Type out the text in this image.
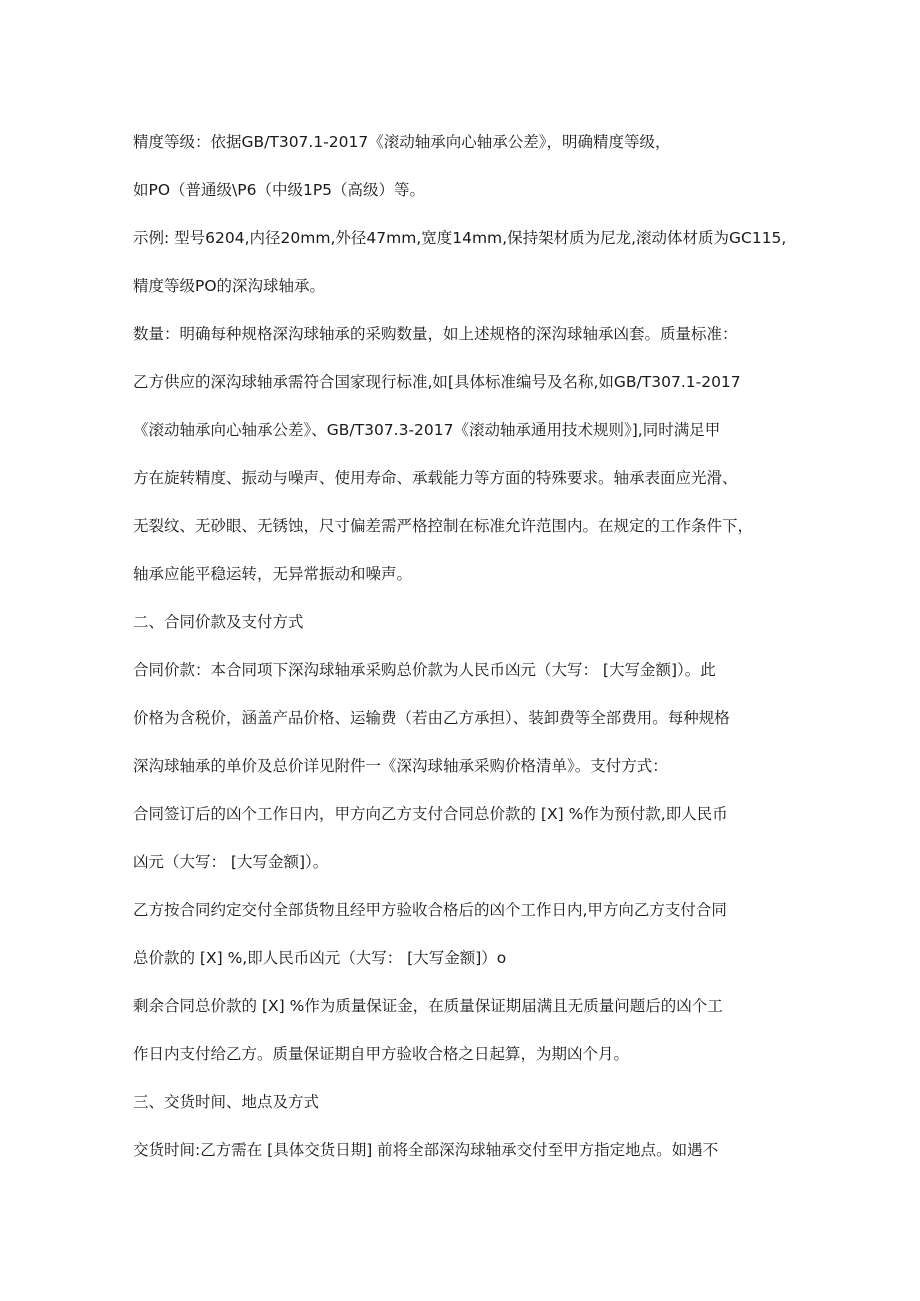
精度等级：依据GB/T307.1-2017《滚动轴承向心轴承公差》，明确精度等级，
如PO（普通级\P6（中级1P5（高级）等。
示例: 型号6204,内径20mm,外径47mm,宽度14mm,保持架材质为尼龙,滚动体材质为GC115,
精度等级PO的深沟球轴承。
数量：明确每种规格深沟球轴承的采购数量，如上述规格的深沟球轴承凶套。质量标准：
乙方供应的深沟球轴承需符合国家现行标准,如[具体标准编号及名称,如GB/T307.1-2017
《滚动轴承向心轴承公差》、GB/T307.3-2017《滚动轴承通用技术规则》],同时满足甲
方在旋转精度、振动与噪声、使用寿命、承载能力等方面的特殊要求。轴承表面应光滑、
无裂纹、无砂眼、无锈蚀，尺寸偏差需严格控制在标准允许范围内。在规定的工作条件下，
轴承应能平稳运转，无异常振动和噪声。
二、合同价款及支付方式
合同价款：本合同项下深沟球轴承采购总价款为人民币凶元（大写： [大写金额]）。此
价格为含税价，涵盖产品价格、运输费（若由乙方承担）、装卸费等全部费用。每种规格
深沟球轴承的单价及总价详见附件一《深沟球轴承采购价格清单》。支付方式：
合同签订后的凶个工作日内，甲方向乙方支付合同总价款的 [X] %作为预付款,即人民币
凶元（大写： [大写金额]）。
乙方按合同约定交付全部货物且经甲方验收合格后的凶个工作日内,甲方向乙方支付合同
总价款的 [X] %,即人民币凶元（大写： [大写金额]）o
剩余合同总价款的 [X] %作为质量保证金，在质量保证期届满且无质量问题后的凶个工
作日内支付给乙方。质量保证期自甲方验收合格之日起算，为期凶个月。
三、交货时间、地点及方式
交货时间:乙方需在 [具体交货日期] 前将全部深沟球轴承交付至甲方指定地点。如遇不
